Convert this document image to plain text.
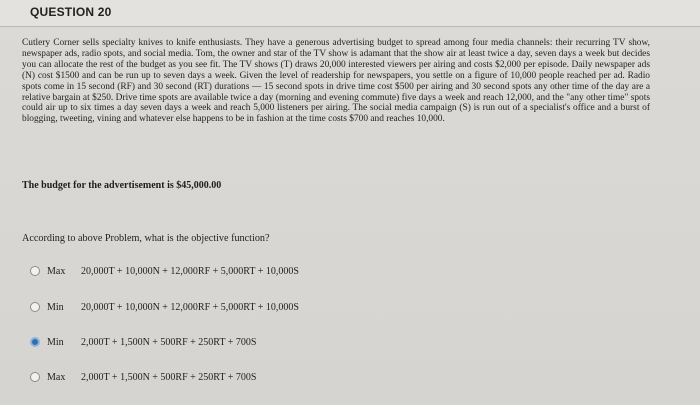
QUESTION 20
Cutlery Corner sells specialty knives to knife enthusiasts. They have a generous advertising budget to spread among four media channels: their recurring TV show, newspaper ads, radio spots, and social media. Tom, the owner and star of the TV show is adamant that the show air at least twice a day, seven days a week but decides you can allocate the rest of the budget as you see fit. The TV shows (T) draws 20,000 interested viewers per airing and costs $2,000 per episode. Daily newspaper ads (N) cost $1500 and can be run up to seven days a week. Given the level of readership for newspapers, you settle on a figure of 10,000 people reached per ad. Radio spots come in 15 second (RF) and 30 second (RT) durations — 15 second spots in drive time cost $500 per airing and 30 second spots any other time of the day are a relative bargain at $250. Drive time spots are available twice a day (morning and evening commute) five days a week and reach 12,000, and the "any other time" spots could air up to six times a day seven days a week and reach 5,000 listeners per airing. The social media campaign (S) is run out of a specialist's office and a burst of blogging, tweeting, vining and whatever else happens to be in fashion at the time costs $700 and reaches 10,000.
The budget for the advertisement is $45,000.00
According to above Problem, what is the objective function?
Max	20,000T + 10,000N + 12,000RF + 5,000RT + 10,000S
Min	20,000T + 10,000N + 12,000RF + 5,000RT + 10,000S
Min	2,000T + 1,500N + 500RF + 250RT + 700S
Max	2,000T + 1,500N + 500RF + 250RT + 700S
